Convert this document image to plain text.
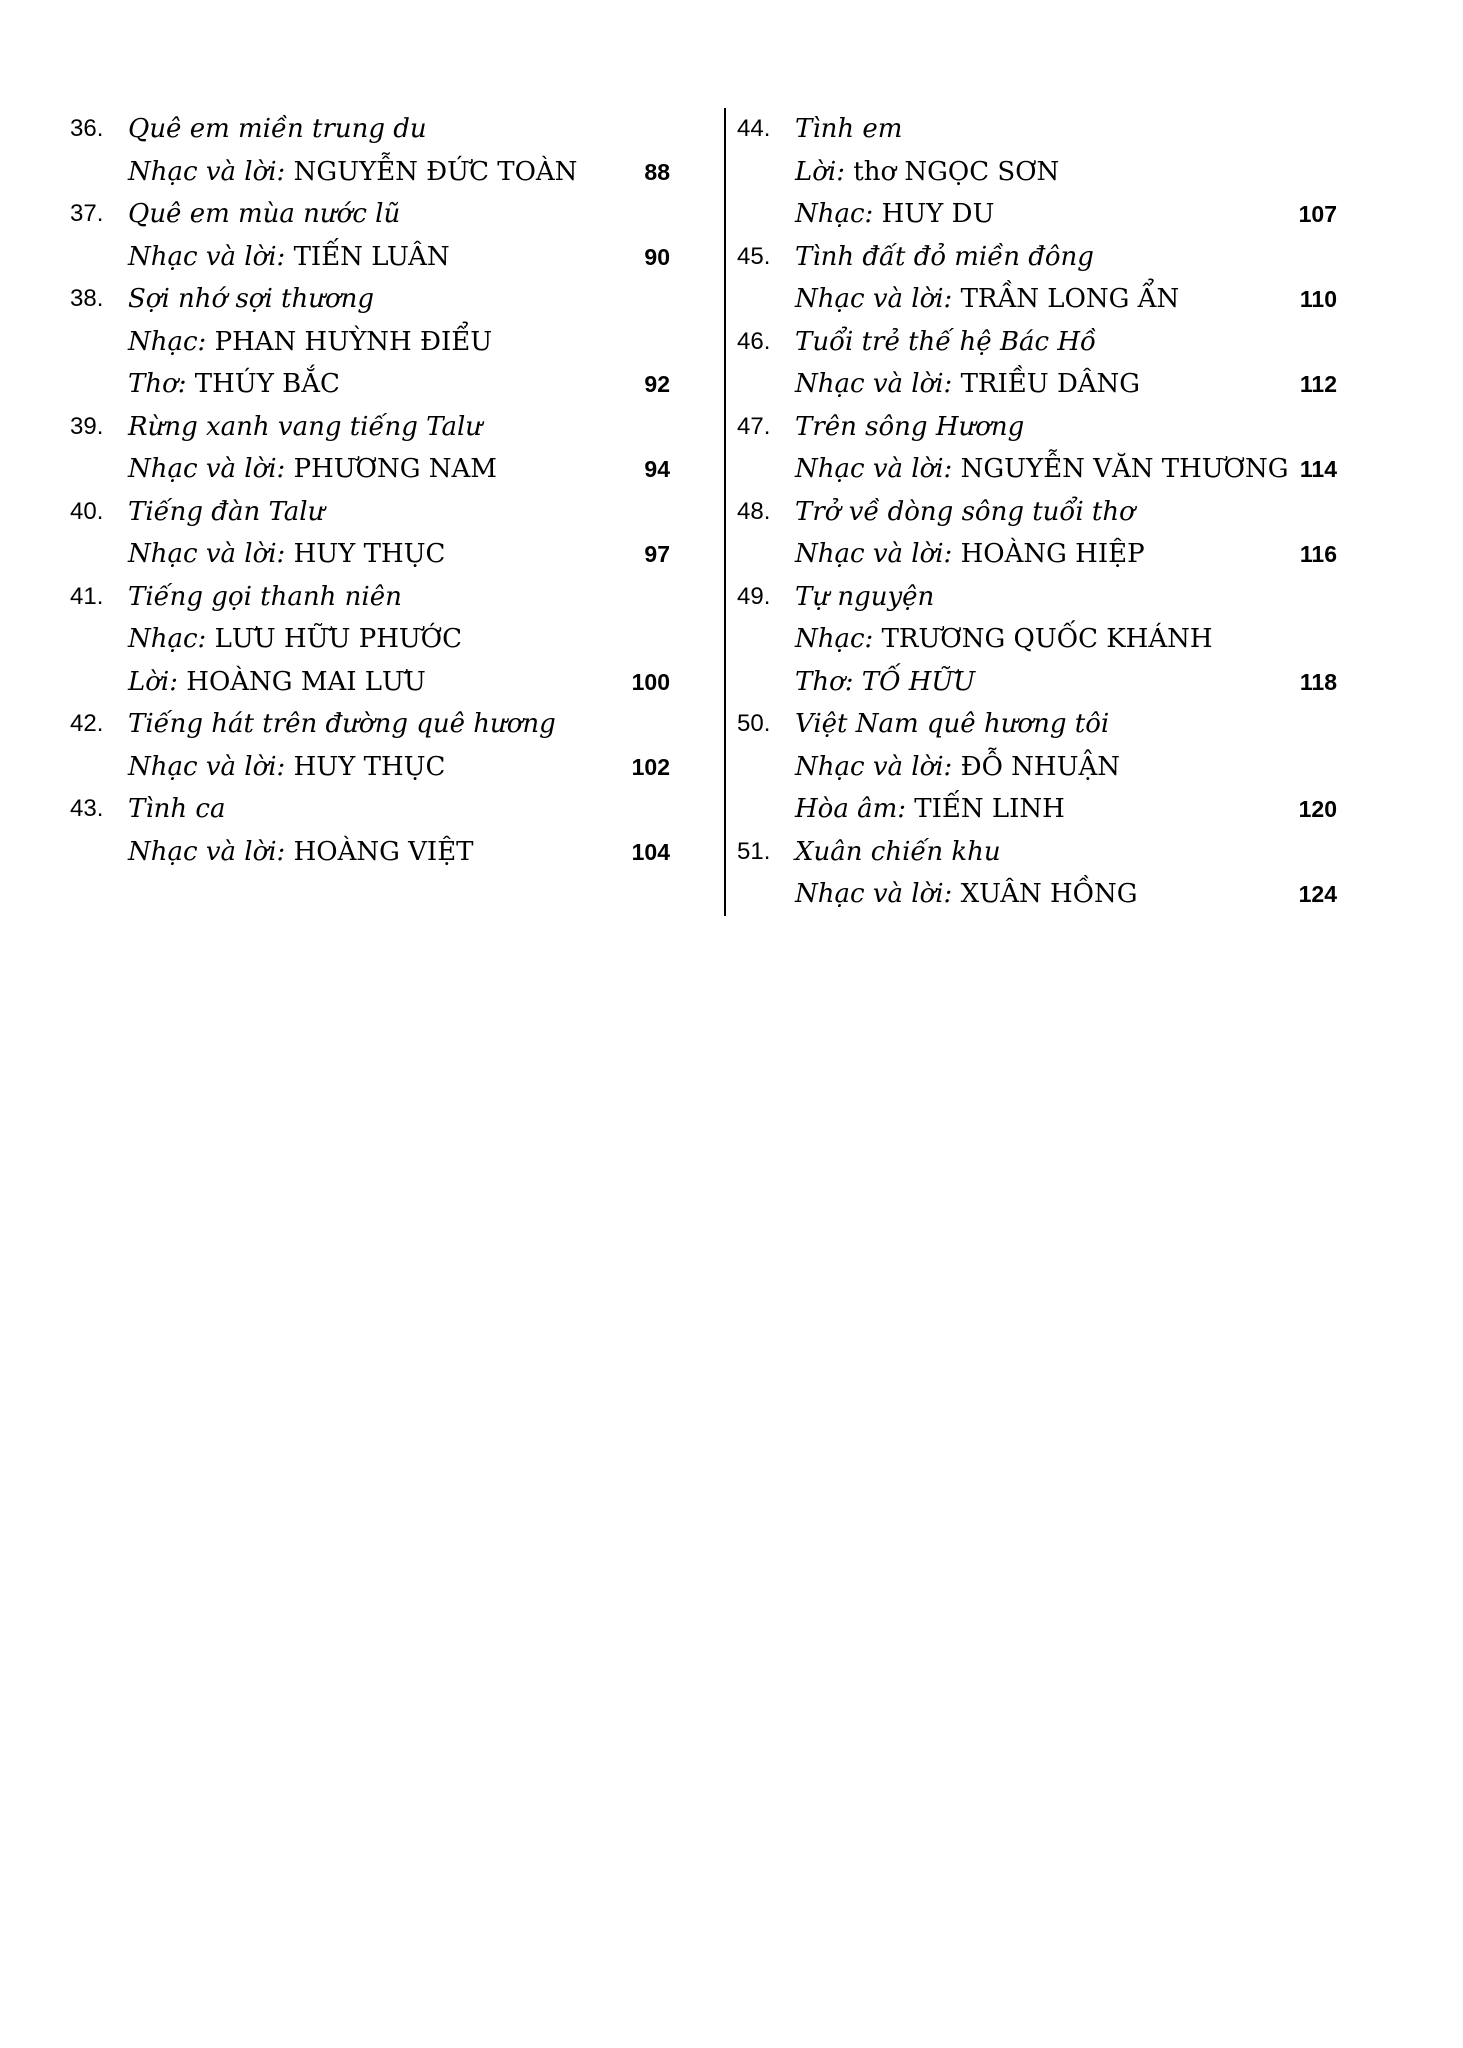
36. Quê em miền trung du
Nhạc và lời: NGUYỄN ĐỨC TOÀN	88
37. Quê em mùa nước lũ
Nhạc và lời: TIẾN LUÂN	90
38. Sợi nhớ sợi thương
Nhạc: PHAN HUỲNH ĐIỂU
Thơ: THÚY BẮC	92
39. Rừng xanh vang tiếng Talư
Nhạc và lời: PHƯƠNG NAM	94
40. Tiếng đàn Talư
Nhạc và lời: HUY THỤC	97
41. Tiếng gọi thanh niên
Nhạc: LƯU HỮU PHƯỚC
Lời: HOÀNG MAI LƯU	100
42. Tiếng hát trên đường quê hương
Nhạc và lời: HUY THỤC	102
43. Tình ca
Nhạc và lời: HOÀNG VIỆT	104
44. Tình em
Lời: thơ NGỌC SƠN
Nhạc: HUY DU	107
45. Tình đất đỏ miền đông
Nhạc và lời: TRẦN LONG ẨN	110
46. Tuổi trẻ thế hệ Bác Hồ
Nhạc và lời: TRIỀU DÂNG	112
47. Trên sông Hương
Nhạc và lời: NGUYỄN VĂN THƯƠNG 114
48. Trở về dòng sông tuổi thơ
Nhạc và lời: HOÀNG HIỆP	116
49. Tự nguyện
Nhạc: TRƯƠNG QUỐC KHÁNH
Thơ: TỐ HỮU	118
50. Việt Nam quê hương tôi
Nhạc và lời: ĐỖ NHUẬN
Hòa âm: TIẾN LINH	120
51. Xuân chiến khu
Nhạc và lời: XUÂN HỒNG	124
